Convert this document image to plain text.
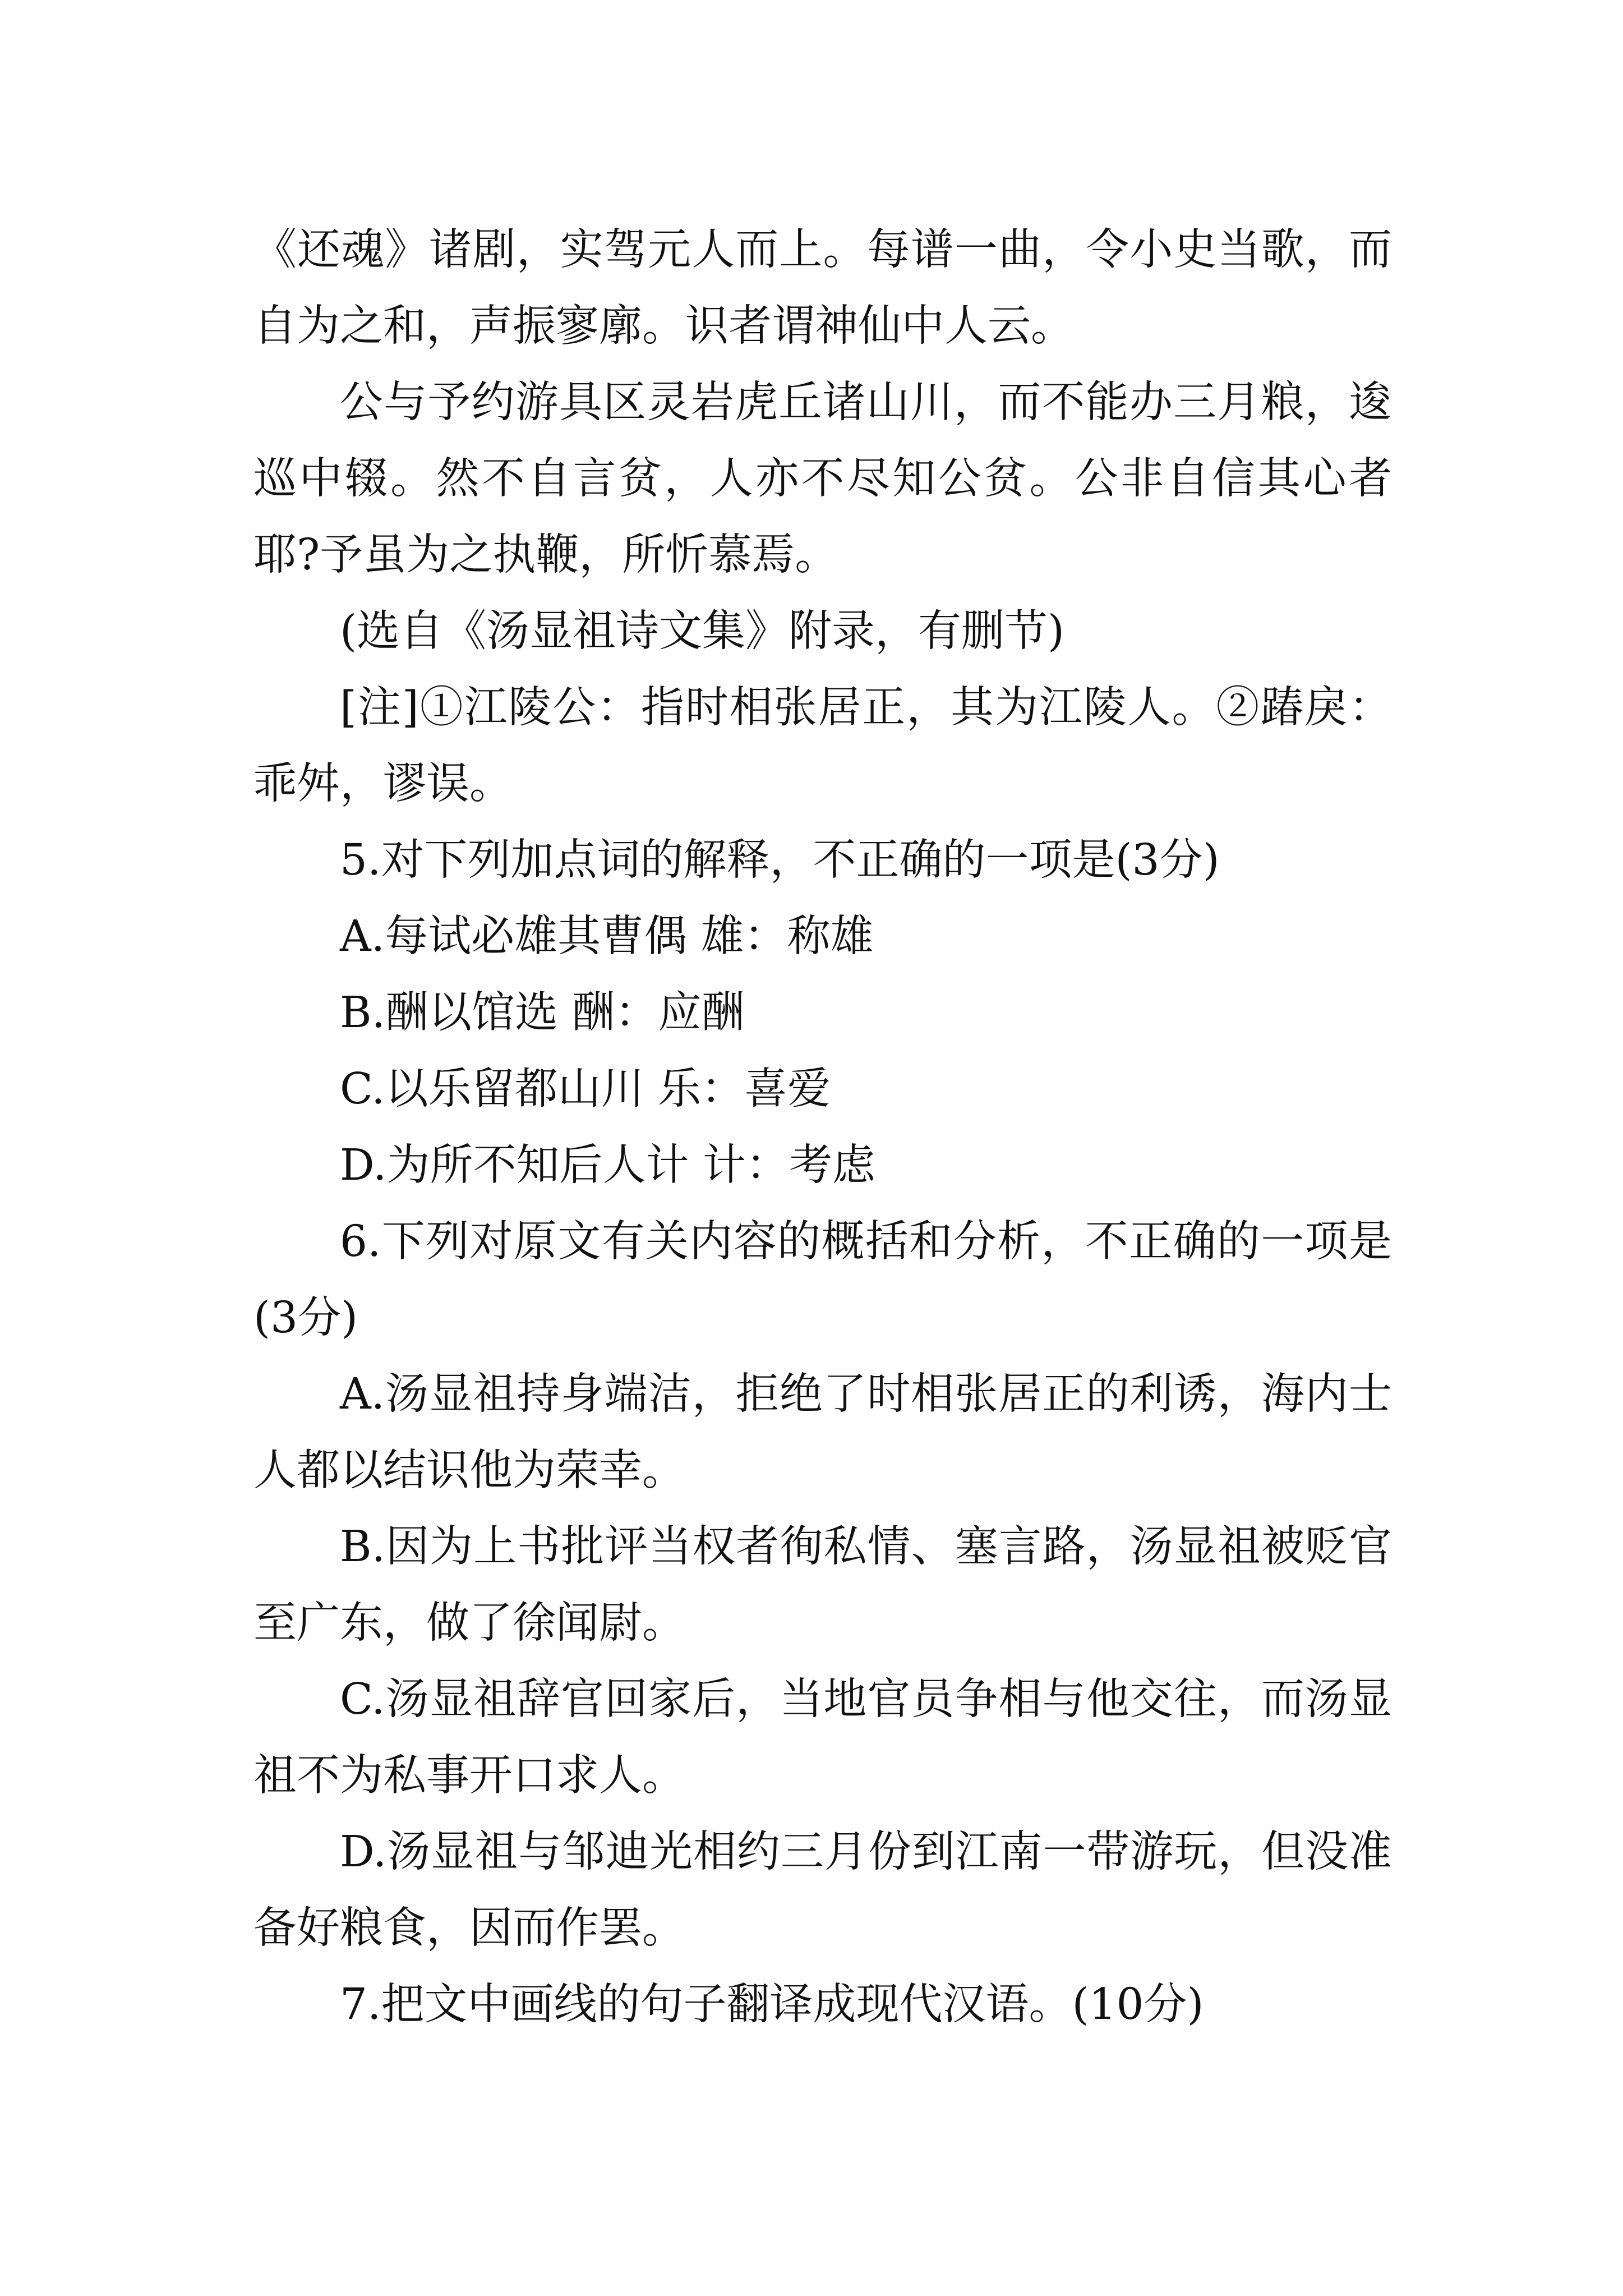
《还魂》诸剧，实驾元人而上。每谱一曲，令小史当歌，而自为之和，声振寥廓。识者谓神仙中人云。

公与予约游具区灵岩虎丘诸山川，而不能办三月粮，逡巡中辍。然不自言贫，人亦不尽知公贫。公非自信其心者耶?予虽为之执鞭，所忻慕焉。

(选自《汤显祖诗文集》附录，有删节)

[注]①江陵公：指时相张居正，其为江陵人。②踳戾：乖舛，谬误。

5.对下列加点词的解释，不正确的一项是(3分)

A.每试必雄其曹偶 雄：称雄

B.酬以馆选 酬：应酬

C.以乐留都山川 乐：喜爱

D.为所不知后人计 计：考虑

6.下列对原文有关内容的概括和分析，不正确的一项是(3分)

A.汤显祖持身端洁，拒绝了时相张居正的利诱，海内士人都以结识他为荣幸。

B.因为上书批评当权者徇私情、塞言路，汤显祖被贬官至广东，做了徐闻尉。

C.汤显祖辞官回家后，当地官员争相与他交往，而汤显祖不为私事开口求人。

D.汤显祖与邹迪光相约三月份到江南一带游玩，但没准备好粮食，因而作罢。

7.把文中画线的句子翻译成现代汉语。(10分)
